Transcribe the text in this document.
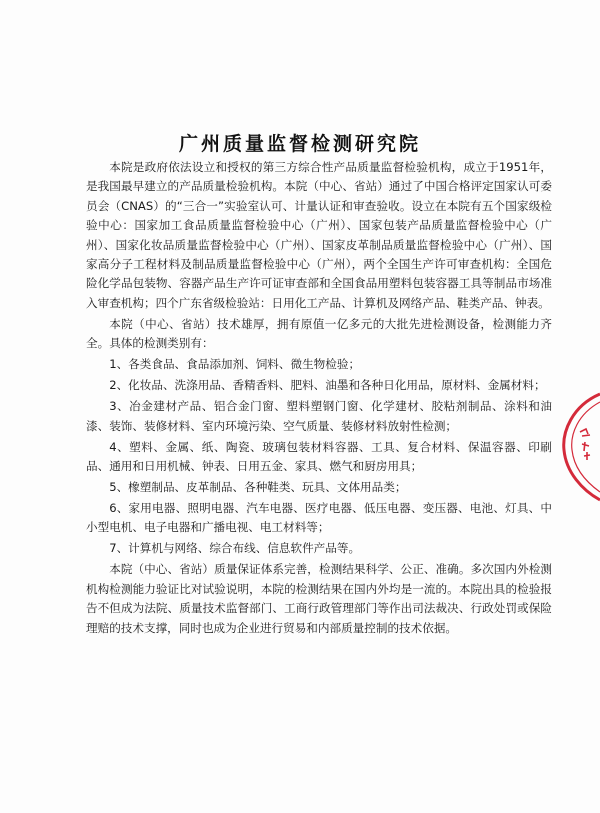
广州质量监督检测研究院

本院是政府依法设立和授权的第三方综合性产品质量监督检验机构，成立于1951年，是我国最早建立的产品质量检验机构。本院（中心、省站）通过了中国合格评定国家认可委员会（CNAS）的“三合一”实验室认可、计量认证和审查验收。设立在本院有五个国家级检验中心：国家加工食品质量监督检验中心（广州）、国家包装产品质量监督检验中心（广州）、国家化妆品质量监督检验中心（广州）、国家皮革制品质量监督检验中心（广州）、国家高分子工程材料及制品质量监督检验中心（广州），两个全国生产许可审查机构：全国危险化学品包装物、容器产品生产许可证审查部和全国食品用塑料包装容器工具等制品市场准入审查机构；四个广东省级检验站：日用化工产品、计算机及网络产品、鞋类产品、钟表。

本院（中心、省站）技术雄厚，拥有原值一亿多元的大批先进检测设备，检测能力齐全。具体的检测类别有：

1、各类食品、食品添加剂、饲料、微生物检验；

2、化妆品、洗涤用品、香精香料、肥料、油墨和各种日化用品，原材料、金属材料；

3、冶金建材产品、铝合金门窗、塑料塑钢门窗、化学建材、胶粘剂制品、涂料和油漆、装饰、装修材料、室内环境污染、空气质量、装修材料放射性检测；

4、塑料、金属、纸、陶瓷、玻璃包装材料容器、工具、复合材料、保温容器、印刷品、通用和日用机械、钟表、日用五金、家具、燃气和厨房用具；

5、橡塑制品、皮革制品、各种鞋类、玩具、文体用品类；

6、家用电器、照明电器、汽车电器、医疗电器、低压电器、变压器、电池、灯具、中小型电机、电子电器和广播电视、电工材料等；

7、计算机与网络、综合布线、信息软件产品等。

本院（中心、省站）质量保证体系完善，检测结果科学、公正、准确。多次国内外检测机构检测能力验证比对试验说明，本院的检测结果在国内外均是一流的。本院出具的检验报告不但成为法院、质量技术监督部门、工商行政管理部门等作出司法裁决、行政处罚或保险理赔的技术支撑，同时也成为企业进行贸易和内部质量控制的技术依据。
